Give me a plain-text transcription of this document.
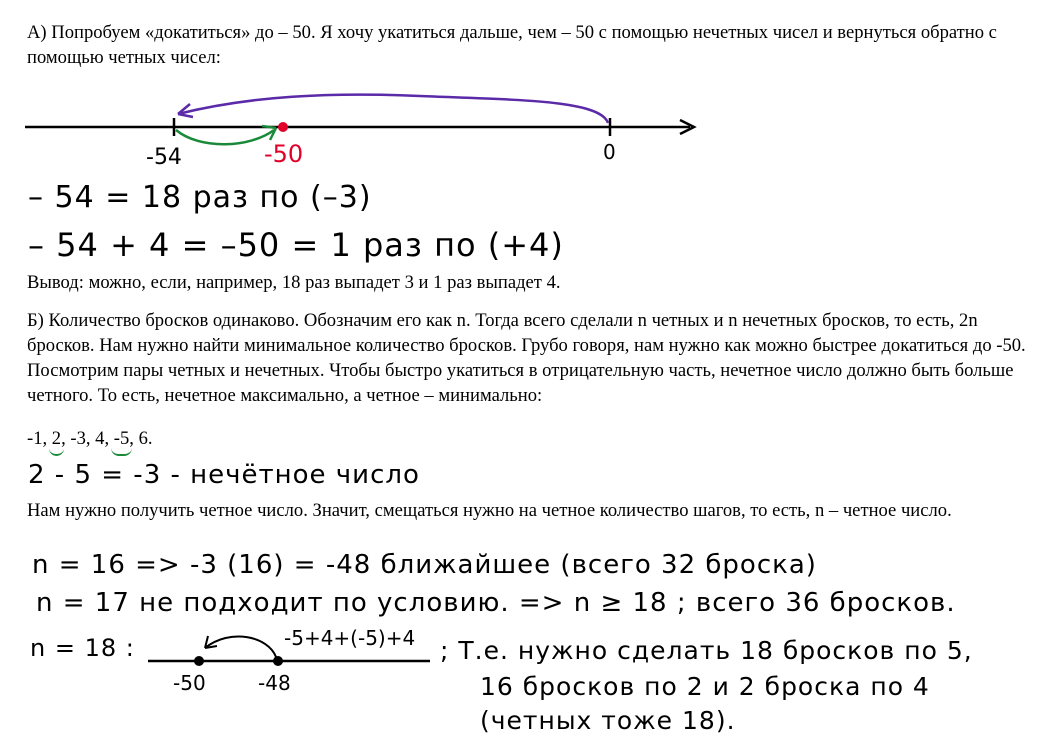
А) Попробуем «докатиться» до – 50. Я хочу укатиться дальше, чем – 50 с помощью нечетных чисел и вернуться обратно с помощью четных чисел:

-54	-50	0
– 54 = 18 раз по (–3)
– 54 + 4 = –50 = 1 раз по (+4)

Вывод: можно, если, например, 18 раз выпадет 3 и 1 раз выпадет 4.

Б) Количество бросков одинаково. Обозначим его как n. Тогда всего сделали n четных и n нечетных бросков, то есть, 2n бросков. Нам нужно найти минимальное количество бросков. Грубо говоря, нам нужно как можно быстрее докатиться до -50. Посмотрим пары четных и нечетных. Чтобы быстро укатиться в отрицательную часть, нечетное число должно быть больше четного. То есть, нечетное максимально, а четное – минимально:

-1, 2, -3, 4, -5, 6.

2 - 5 = -3 - нечётное число

Нам нужно получить четное число. Значит, смещаться нужно на четное количество шагов, то есть, n – четное число.

n = 16 => -3 (16) = -48 ближайшее (всего 32 броска)
n = 17 не подходит по условию. => n ≥ 18 ; всего 36 бросков.
n = 18 :	-5+4+(-5)+4
-50	-48
; Т.е. нужно сделать 18 бросков по 5,
16 бросков по 2 и 2 броска по 4
(четных тоже 18).
